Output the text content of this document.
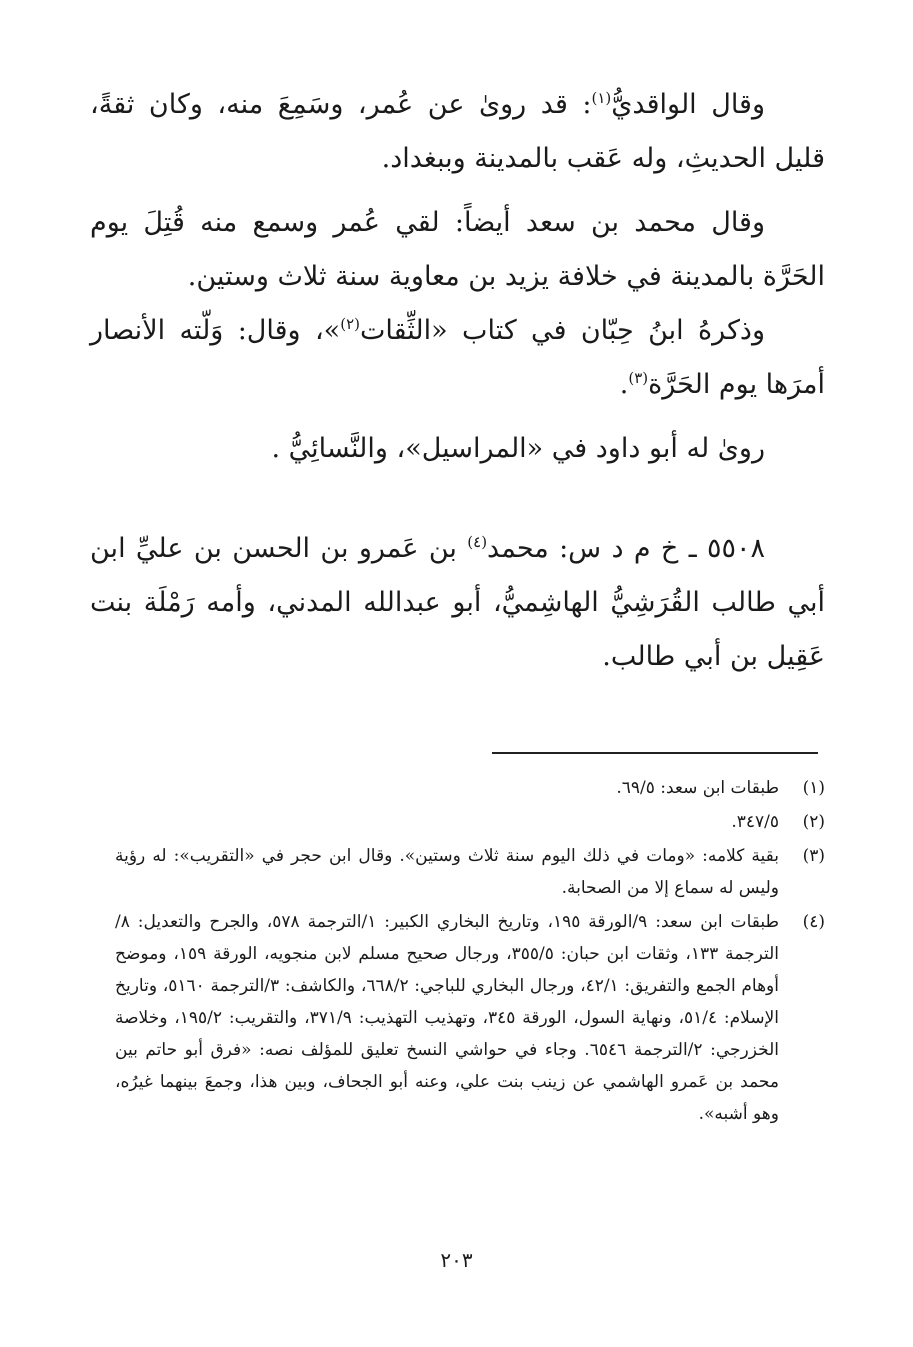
وقال الواقديُّ$^{(١)}$: قد روىٰ عن عُمر، وسَمِعَ منه، وكان ثقةً، قليل الحديثِ، وله عَقب بالمدينة وببغداد.

وقال محمد بن سعد أيضاً: لقي عُمر وسمع منه قُتِلَ يوم الحَرَّة بالمدينة في خلافة يزيد بن معاوية سنة ثلاث وستين.

وذكرهُ ابنُ حِبّان في كتاب «الثِّقات$^{(٢)}$»، وقال: وَلّته الأنصار أمرَها يوم الحَرَّة$^{(٣)}$.

روىٰ له أبو داود في «المراسيل»، والنَّسائِيُّ .

٥٥٠٨ ـ خ م د س: محمد$^{(٤)}$ بن عَمرو بن الحسن بن عليِّ ابن أبي طالب القُرَشِيُّ الهاشِميُّ، أبو عبدالله المدني، وأمه رَمْلَة بنت عَقِيل بن أبي طالب.

(١)
طبقات ابن سعد: ٦٩/٥.
(٢)
٣٤٧/٥.
(٣)
بقية كلامه: «ومات في ذلك اليوم سنة ثلاث وستين». وقال ابن حجر في «التقريب»: له رؤية وليس له سماع إلا من الصحابة.
(٤)
طبقات ابن سعد: ٩/الورقة ١٩٥، وتاريخ البخاري الكبير: ١/الترجمة ٥٧٨، والجرح والتعديل: ٨/الترجمة ١٣٣، وثقات ابن حبان: ٣٥٥/٥، ورجال صحيح مسلم لابن منجويه، الورقة ١٥٩، وموضح أوهام الجمع والتفريق: ٤٢/١، ورجال البخاري للباجي: ٦٦٨/٢، والكاشف: ٣/الترجمة ٥١٦٠، وتاريخ الإسلام: ٥١/٤، ونهاية السول، الورقة ٣٤٥، وتهذيب التهذيب: ٣٧١/٩، والتقريب: ١٩٥/٢، وخلاصة الخزرجي: ٢/الترجمة ٦٥٤٦. وجاء في حواشي النسخ تعليق للمؤلف نصه: «فرق أبو حاتم بين محمد بن عَمرو الهاشمي عن زينب بنت علي، وعنه أبو الجحاف، وبين هذا، وجمعَ بينهما غيرُه، وهو أشبه».
٢٠٣
